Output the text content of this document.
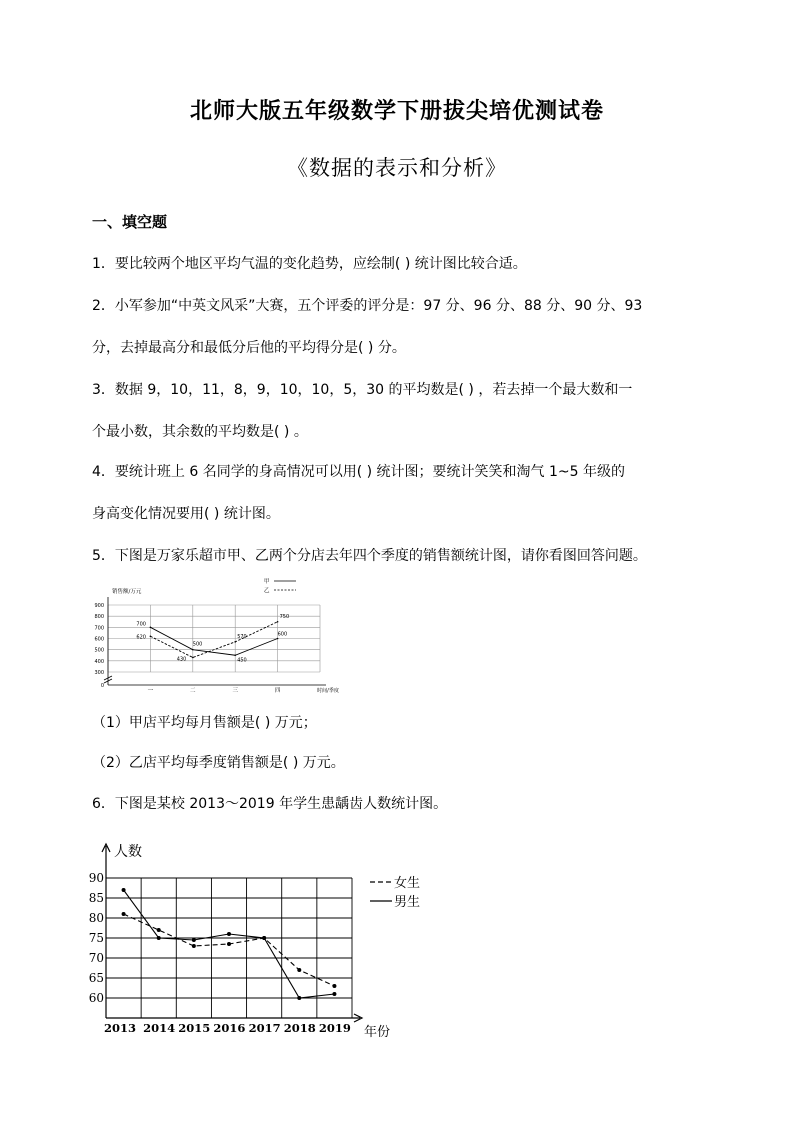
北师大版五年级数学下册拔尖培优测试卷
《数据的表示和分析》
一、填空题
1．要比较两个地区平均气温的变化趋势，应绘制( ) 统计图比较合适。
2．小军参加“中英文风采”大赛，五个评委的评分是：97 分、96 分、88 分、90 分、93
分，去掉最高分和最低分后他的平均得分是( ) 分。
3．数据 9，10，11，8，9，10，10，5，30 的平均数是( ) ，若去掉一个最大数和一
个最小数，其余数的平均数是( ) 。
4．要统计班上 6 名同学的身高情况可以用( ) 统计图；要统计笑笑和淘气 1~5 年级的
身高变化情况要用( ) 统计图。
5．下图是万家乐超市甲、乙两个分店去年四个季度的销售额统计图，请你看图回答问题。
0
300
400
500
600
700
800
900
销售额/万元
一	二	三	四	时间/季度
甲
乙
700
500
450
600
620
430
570
750
（1）甲店平均每月售额是( ) 万元；
（2）乙店平均每季度销售额是( ) 万元。
6．下图是某校 2013～2019 年学生患龋齿人数统计图。
60
65
70
75
80
85
90
人数
2013 2014 2015 2016 2017 2018 2019 年份
女生
男生
